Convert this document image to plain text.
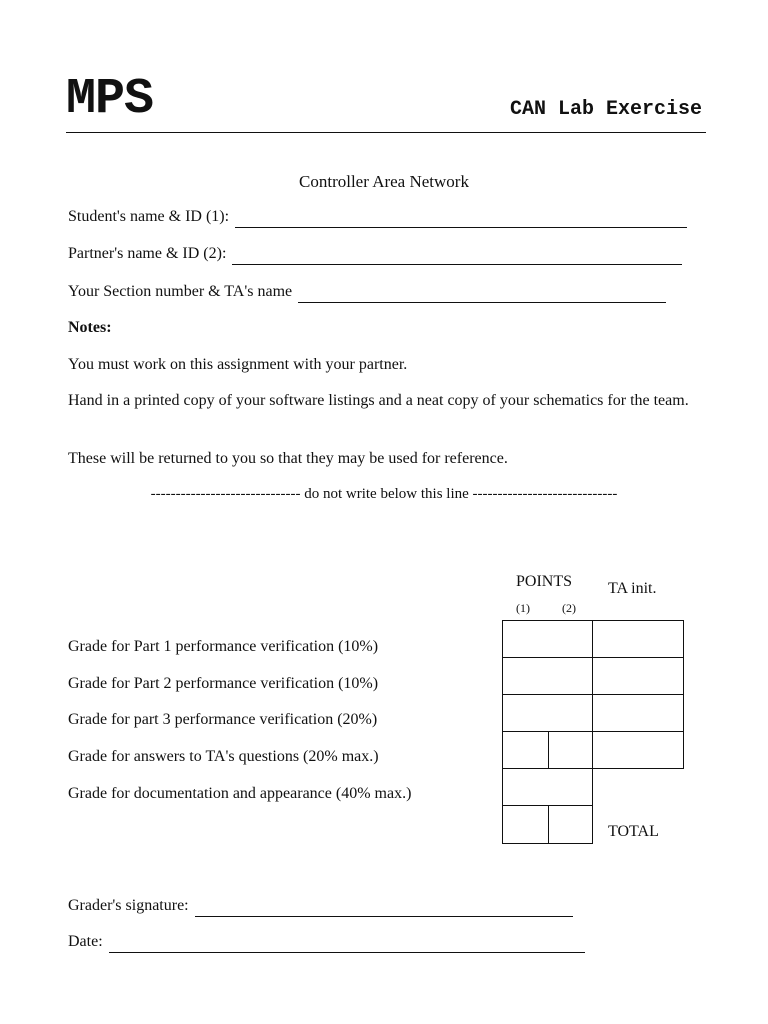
MPS	CAN Lab Exercise
Controller Area Network
Student's name & ID (1):
Partner's name & ID (2):
Your Section number & TA's name
Notes:
You must work on this assignment with your partner.
Hand in a printed copy of your software listings and a neat copy of your schematics for the team.
These will be returned to you so that they may be used for reference.
------------------------------ do not write below this line -----------------------------
POINTS TA init.
(1)	(2)
Grade for Part 1 performance verification (10%)
Grade for Part 2 performance verification (10%)
Grade for part 3 performance verification (20%)
Grade for answers to TA's questions (20% max.)
Grade for documentation and appearance (40% max.)
TOTAL
Grader's signature:
Date:
